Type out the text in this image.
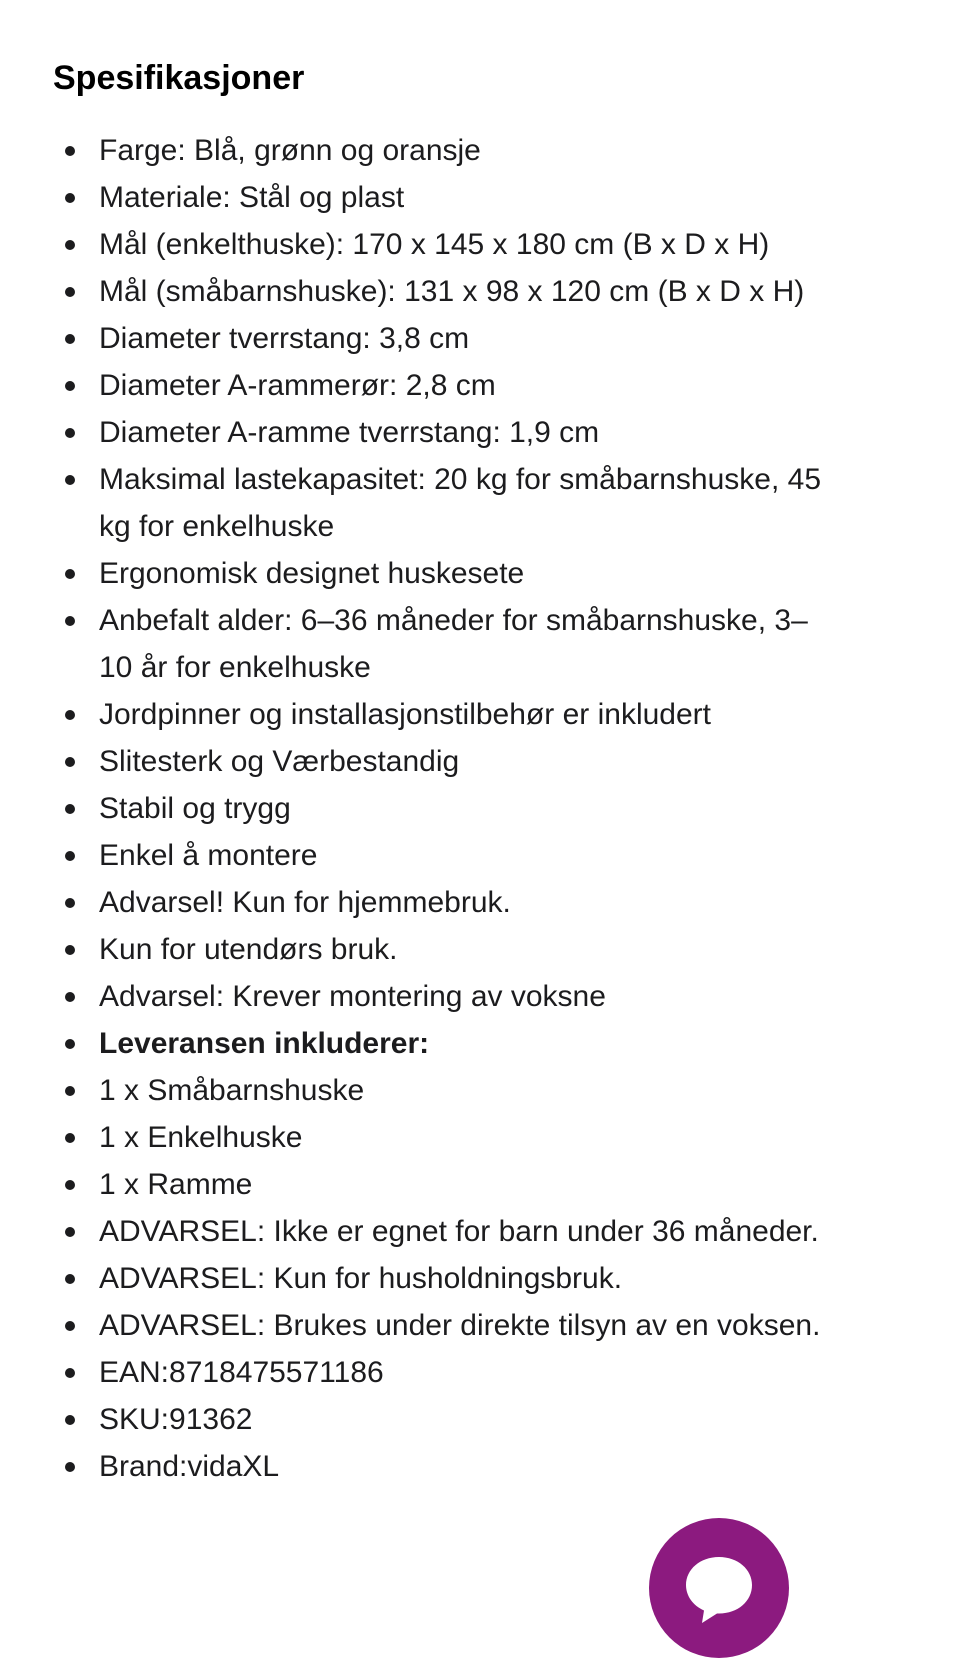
Spesifikasjoner
Farge: Blå, grønn og oransje
Materiale: Stål og plast
Mål (enkelthuske): 170 x 145 x 180 cm (B x D x H)
Mål (småbarnshuske): 131 x 98 x 120 cm (B x D x H)
Diameter tverrstang: 3,8 cm
Diameter A-rammerør: 2,8 cm
Diameter A-ramme tverrstang: 1,9 cm
Maksimal lastekapasitet: 20 kg for småbarnshuske, 45 kg for enkelhuske
Ergonomisk designet huskesete
Anbefalt alder: 6–36 måneder for småbarnshuske, 3–10 år for enkelhuske
Jordpinner og installasjonstilbehør er inkludert
Slitesterk og Værbestandig
Stabil og trygg
Enkel å montere
Advarsel! Kun for hjemmebruk.
Kun for utendørs bruk.
Advarsel: Krever montering av voksne
Leveransen inkluderer:
1 x Småbarnshuske
1 x Enkelhuske
1 x Ramme
ADVARSEL: Ikke er egnet for barn under 36 måneder.
ADVARSEL: Kun for husholdningsbruk.
ADVARSEL: Brukes under direkte tilsyn av en voksen.
EAN:8718475571186
SKU:91362
Brand:vidaXL
